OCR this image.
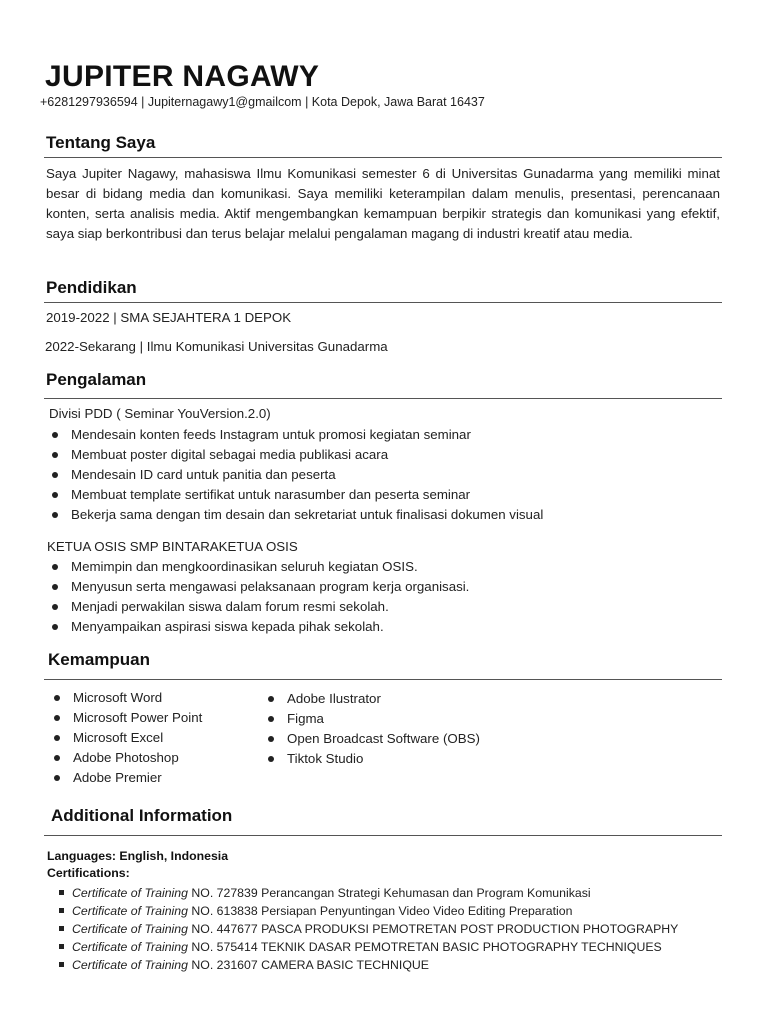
JUPITER NAGAWY
+6281297936594 | Jupiternagawy1@gmailcom | Kota Depok, Jawa Barat 16437
Tentang Saya

Saya Jupiter Nagawy, mahasiswa Ilmu Komunikasi semester 6 di Universitas Gunadarma yang memiliki minat besar di bidang media dan komunikasi. Saya memiliki keterampilan dalam menulis, presentasi, perencanaan konten, serta analisis media. Aktif mengembangkan kemampuan berpikir strategis dan komunikasi yang efektif, saya siap berkontribusi dan terus belajar melalui pengalaman magang di industri kreatif atau media.

Pendidikan
2019-2022 | SMA SEJAHTERA 1 DEPOK
2022-Sekarang | Ilmu Komunikasi Universitas Gunadarma
Pengalaman
Divisi PDD ( Seminar YouVersion.2.0)
Mendesain konten feeds Instagram untuk promosi kegiatan seminar
Membuat poster digital sebagai media publikasi acara
Mendesain ID card untuk panitia dan peserta
Membuat template sertifikat untuk narasumber dan peserta seminar
Bekerja sama dengan tim desain dan sekretariat untuk finalisasi dokumen visual
KETUA OSIS SMP BINTARAKETUA OSIS
Memimpin dan mengkoordinasikan seluruh kegiatan OSIS.
Menyusun serta mengawasi pelaksanaan program kerja organisasi.
Menjadi perwakilan siswa dalam forum resmi sekolah.
Menyampaikan aspirasi siswa kepada pihak sekolah.
Kemampuan
Microsoft Word
Microsoft Power Point
Microsoft Excel
Adobe Photoshop
Adobe Premier
Adobe Ilustrator
Figma
Open Broadcast Software (OBS)
Tiktok Studio
Additional Information
Languages: English, Indonesia
Certifications:
Certificate of Training NO. 727839 Perancangan Strategi Kehumasan dan Program Komunikasi
Certificate of Training NO. 613838 Persiapan Penyuntingan Video Video Editing Preparation
Certificate of Training NO. 447677 PASCA PRODUKSI PEMOTRETAN POST PRODUCTION PHOTOGRAPHY
Certificate of Training NO. 575414 TEKNIK DASAR PEMOTRETAN BASIC PHOTOGRAPHY TECHNIQUES
Certificate of Training NO. 231607 CAMERA BASIC TECHNIQUE
